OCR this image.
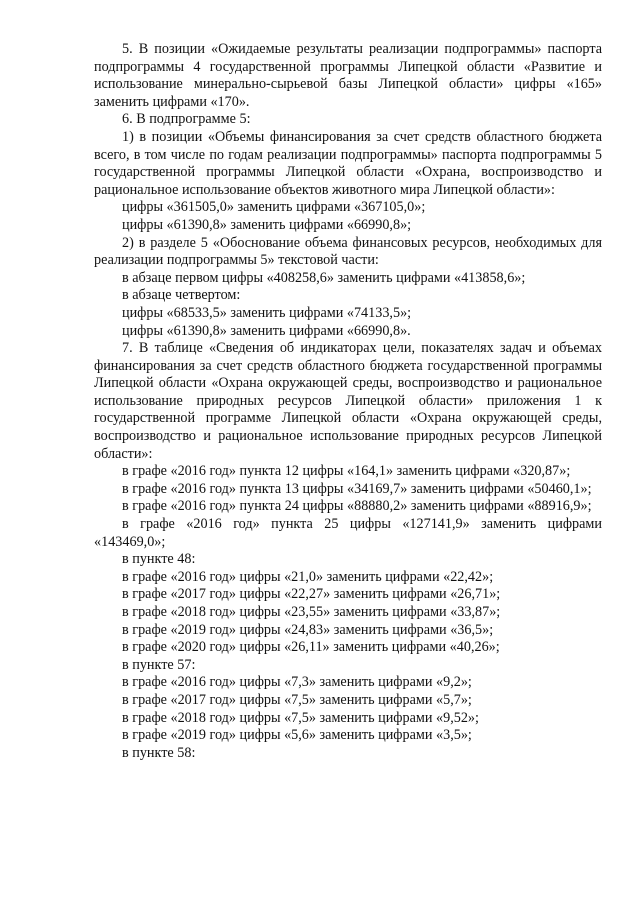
5. В позиции «Ожидаемые результаты реализации подпрограммы» паспорта подпрограммы 4 государственной программы Липецкой области «Развитие и использование минерально-сырьевой базы Липецкой области» цифры «165» заменить цифрами «170».

6. В подпрограмме 5:

1) в позиции «Объемы финансирования за счет средств областного бюджета всего, в том числе по годам реализации подпрограммы» паспорта подпрограммы 5 государственной программы Липецкой области «Охрана, воспроизводство и рациональное использование объектов животного мира Липецкой области»:

цифры «361505,0» заменить цифрами «367105,0»;

цифры «61390,8» заменить цифрами «66990,8»;

2) в разделе 5 «Обоснование объема финансовых ресурсов, необходимых для реализации подпрограммы 5» текстовой части:

в абзаце первом цифры «408258,6» заменить цифрами «413858,6»;

в абзаце четвертом:

цифры «68533,5» заменить цифрами «74133,5»;

цифры «61390,8» заменить цифрами «66990,8».

7. В таблице «Сведения об индикаторах цели, показателях задач и объемах финансирования за счет средств областного бюджета государственной программы Липецкой области «Охрана окружающей среды, воспроизводство и рациональное использование природных ресурсов Липецкой области» приложения 1 к государственной программе Липецкой области «Охрана окружающей среды, воспроизводство и рациональное использование природных ресурсов Липецкой области»:

в графе «2016 год» пункта 12 цифры «164,1» заменить цифрами «320,87»;

в графе «2016 год» пункта 13 цифры «34169,7» заменить цифрами «50460,1»;

в графе «2016 год» пункта 24 цифры «88880,2» заменить цифрами «88916,9»;

в графе «2016 год» пункта 25 цифры «127141,9» заменить цифрами «143469,0»;

в пункте 48:

в графе «2016 год» цифры «21,0» заменить цифрами «22,42»;

в графе «2017 год» цифры «22,27» заменить цифрами «26,71»;

в графе «2018 год» цифры «23,55» заменить цифрами «33,87»;

в графе «2019 год» цифры «24,83» заменить цифрами «36,5»;

в графе «2020 год» цифры «26,11» заменить цифрами «40,26»;

в пункте 57:

в графе «2016 год» цифры «7,3» заменить цифрами «9,2»;

в графе «2017 год» цифры «7,5» заменить цифрами «5,7»;

в графе «2018 год» цифры «7,5» заменить цифрами «9,52»;

в графе «2019 год» цифры «5,6» заменить цифрами «3,5»;

в пункте 58:
